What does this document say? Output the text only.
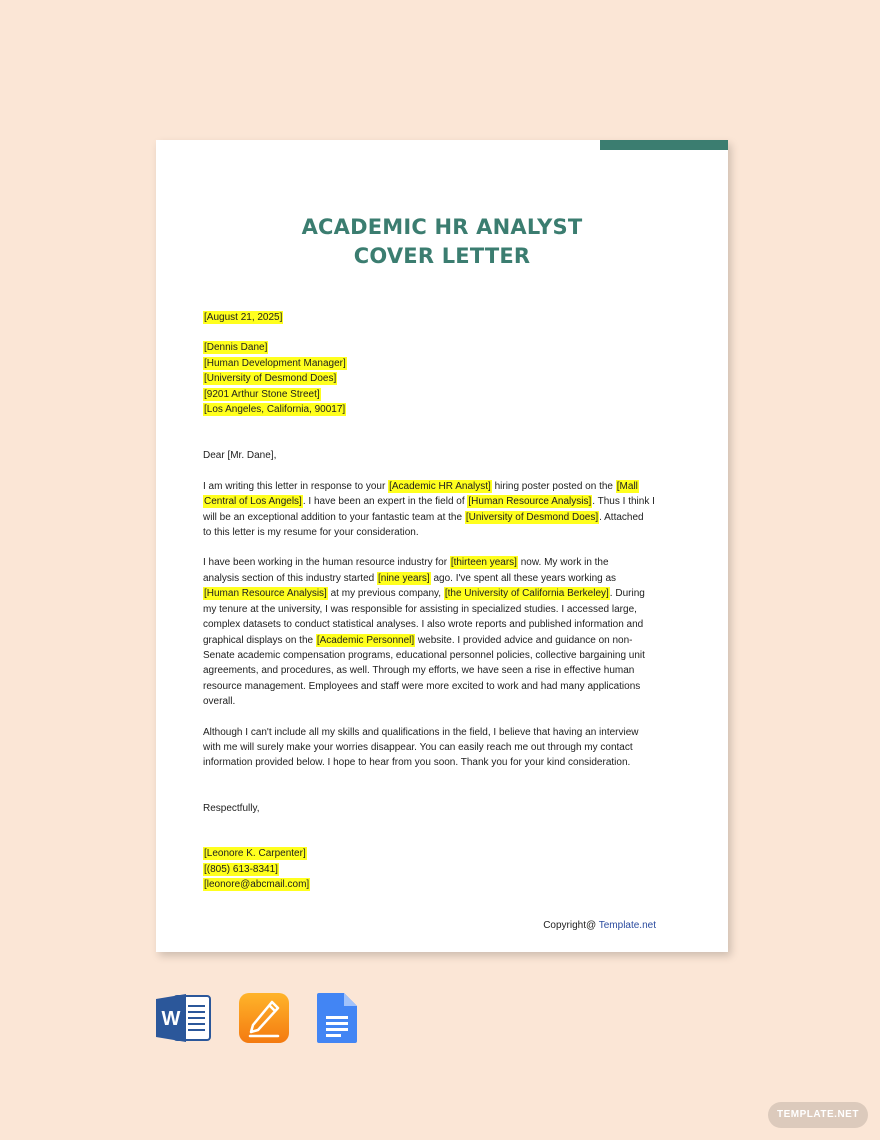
ACADEMIC HR ANALYST
COVER LETTER
[August 21, 2025]
[Dennis Dane]
[Human Development Manager]
[University of Desmond Does]
[9201 Arthur Stone Street]
[Los Angeles, California, 90017]

Dear [Mr. Dane],

I am writing this letter in response to your [Academic HR Analyst] hiring poster posted on the [Mall
Central of Los Angels]. I have been an expert in the field of [Human Resource Analysis]. Thus I think I
will be an exceptional addition to your fantastic team at the [University of Desmond Does]. Attached
to this letter is my resume for your consideration.

I have been working in the human resource industry for [thirteen years] now. My work in the
analysis section of this industry started [nine years] ago. I've spent all these years working as
[Human Resource Analysis] at my previous company, [the University of California Berkeley]. During
my tenure at the university, I was responsible for assisting in specialized studies. I accessed large,
complex datasets to conduct statistical analyses. I also wrote reports and published information and
graphical displays on the [Academic Personnel] website. I provided advice and guidance on non-
Senate academic compensation programs, educational personnel policies, collective bargaining unit
agreements, and procedures, as well. Through my efforts, we have seen a rise in effective human
resource management. Employees and staff were more excited to work and had many applications
overall.

Although I can't include all my skills and qualifications in the field, I believe that having an interview
with me will surely make your worries disappear. You can easily reach me out through my contact
information provided below. I hope to hear from you soon. Thank you for your kind consideration.

Respectfully,

[Leonore K. Carpenter]
[(805) 613-8341]
[leonore@abcmail.com]
Copyright@ Template.net
W
TEMPLATE.NET
